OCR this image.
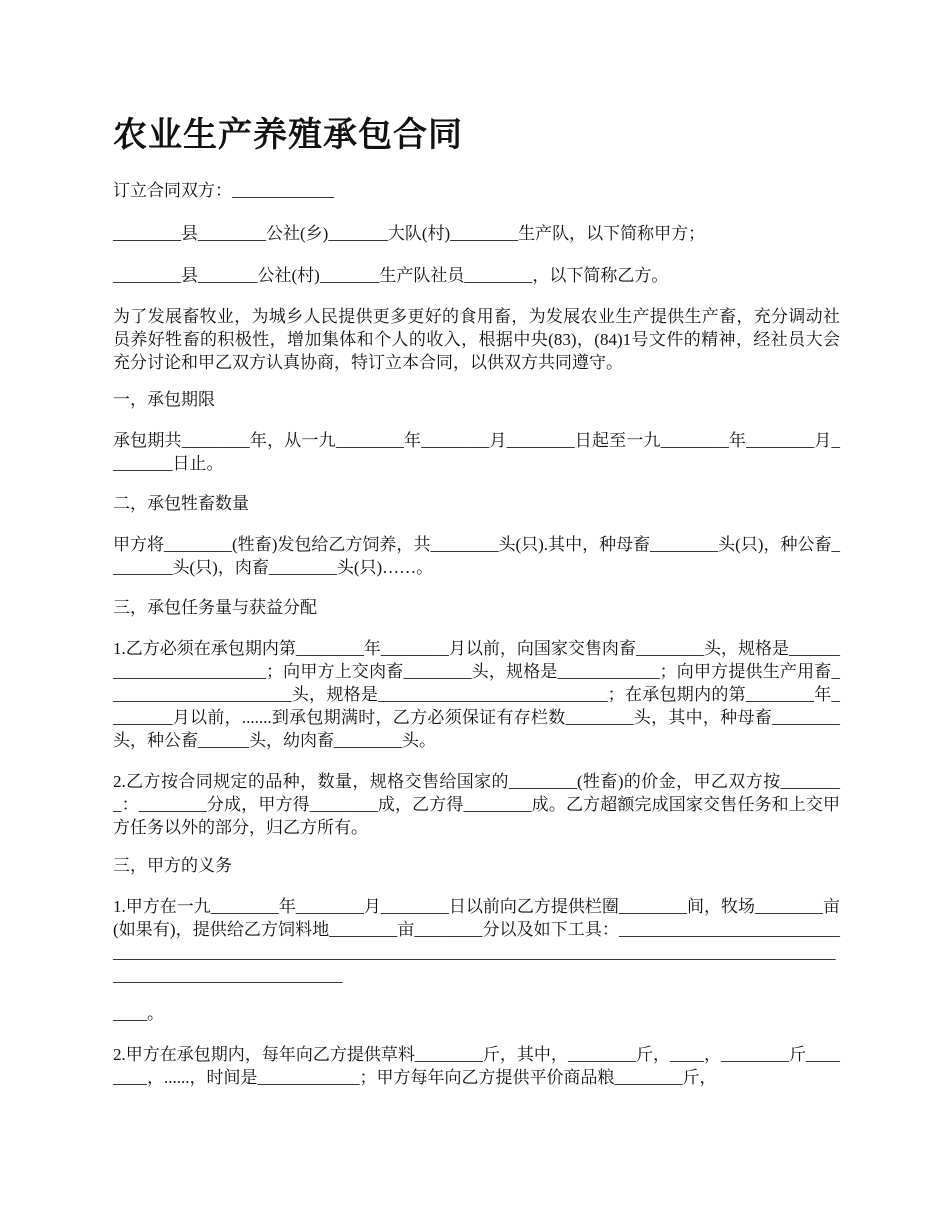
农业生产养殖承包合同

订立合同双方：____________

________县________公社(乡)_______大队(村)________生产队，以下简称甲方；

________县_______公社(村)_______生产队社员________，以下简称乙方。

为了发展畜牧业，为城乡人民提供更多更好的食用畜，为发展农业生产提供生产畜，充分调动社员养好牲畜的积极性，增加集体和个人的收入，根据中央(83)，(84)1号文件的精神，经社员大会充分讨论和甲乙双方认真协商，特订立本合同，以供双方共同遵守。

一，承包期限

承包期共________年，从一九________年________月________日起至一九________年________月________日止。

二，承包牲畜数量

甲方将________(牲畜)发包给乙方饲养，共________头(只).其中，种母畜________头(只)，种公畜________头(只)，肉畜________头(只)……。

三，承包任务量与获益分配

1.乙方必须在承包期内第________年________月以前，向国家交售肉畜________头，规格是________________________；向甲方上交肉畜________头，规格是____________；向甲方提供生产用畜______________________头，规格是___________________________；在承包期内的第________年________月以前，.......到承包期满时，乙方必须保证有存栏数________头，其中，种母畜________头，种公畜______头，幼肉畜________头。

2.乙方按合同规定的品种，数量，规格交售给国家的________(牲畜)的价金，甲乙双方按________：________分成，甲方得________成，乙方得________成。乙方超额完成国家交售任务和上交甲方任务以外的部分，归乙方所有。

三，甲方的义务

1.甲方在一九________年________月________日以前向乙方提供栏圈________间，牧场________亩(如果有)，提供给乙方饲料地________亩________分以及如下工具：__________________________________________________________________________________________________________________________________________

____。

2.甲方在承包期内，每年向乙方提供草料________斤，其中，________斤，____，________斤________，......，时间是____________；甲方每年向乙方提供平价商品粮________斤，
